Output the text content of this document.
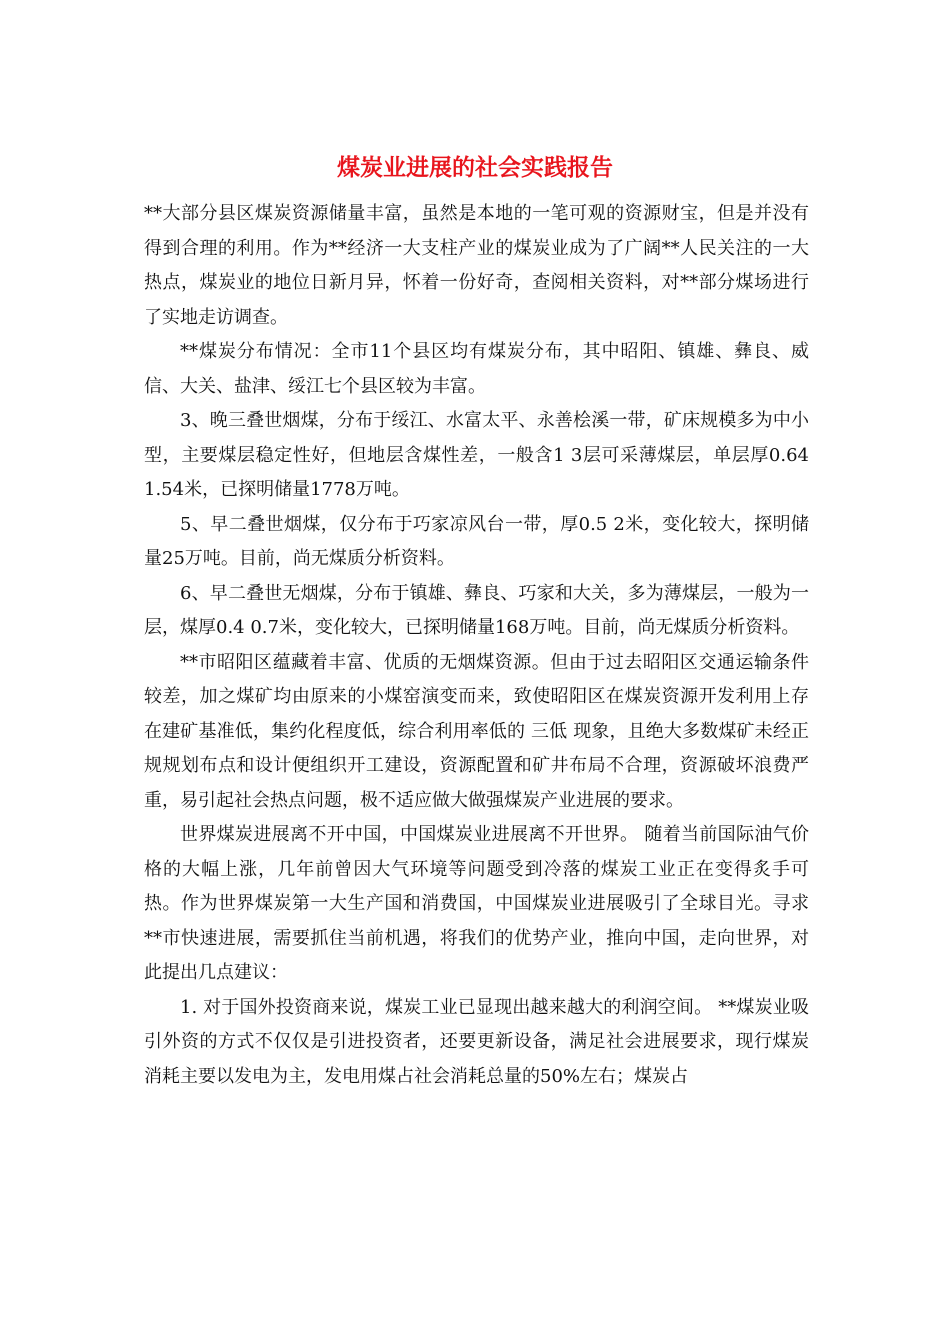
煤炭业进展的社会实践报告

**大部分县区煤炭资源储量丰富，虽然是本地的一笔可观的资源财宝，但是并没有得到合理的利用。作为**经济一大支柱产业的煤炭业成为了广阔**人民关注的一大热点，煤炭业的地位日新月异，怀着一份好奇，查阅相关资料，对**部分煤场进行了实地走访调查。

**煤炭分布情况：全市11个县区均有煤炭分布，其中昭阳、镇雄、彝良、威信、大关、盐津、绥江七个县区较为丰富。

3、晚三叠世烟煤，分布于绥江、水富太平、永善桧溪一带，矿床规模多为中小型，主要煤层稳定性好，但地层含煤性差，一般含1 3层可采薄煤层，单层厚0.64 1.54米，已探明储量1778万吨。

5、早二叠世烟煤，仅分布于巧家凉风台一带，厚0.5 2米，变化较大，探明储量25万吨。目前，尚无煤质分析资料。

6、早二叠世无烟煤，分布于镇雄、彝良、巧家和大关，多为薄煤层，一般为一层，煤厚0.4 0.7米，变化较大，已探明储量168万吨。目前，尚无煤质分析资料。

**市昭阳区蕴藏着丰富、优质的无烟煤资源。但由于过去昭阳区交通运输条件较差，加之煤矿均由原来的小煤窑演变而来，致使昭阳区在煤炭资源开发利用上存在建矿基准低，集约化程度低，综合利用率低的 三低 现象，且绝大多数煤矿未经正规规划布点和设计便组织开工建设，资源配置和矿井布局不合理，资源破坏浪费严重，易引起社会热点问题，极不适应做大做强煤炭产业进展的要求。

世界煤炭进展离不开中国，中国煤炭业进展离不开世界。 随着当前国际油气价格的大幅上涨，几年前曾因大气环境等问题受到冷落的煤炭工业正在变得炙手可热。作为世界煤炭第一大生产国和消费国，中国煤炭业进展吸引了全球目光。寻求**市快速进展，需要抓住当前机遇，将我们的优势产业，推向中国，走向世界，对此提出几点建议：

1. 对于国外投资商来说，煤炭工业已显现出越来越大的利润空间。 **煤炭业吸引外资的方式不仅仅是引进投资者，还要更新设备，满足社会进展要求，现行煤炭消耗主要以发电为主，发电用煤占社会消耗总量的50%左右；煤炭占
